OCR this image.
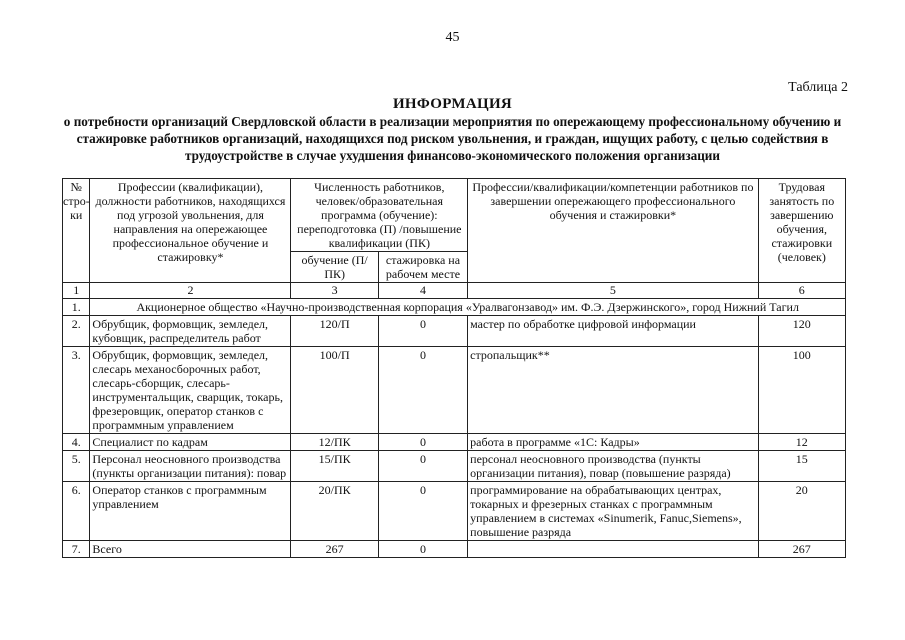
45
Таблица 2
ИНФОРМАЦИЯ
о потребности организаций Свердловской области в реализации мероприятия по опережающему профессиональному обучению и стажировке работников организаций, находящихся под риском увольнения, и граждан, ищущих работу, с целью содействия в трудоустройстве в случае ухудшения финансово-экономического положения организации
№ стро-ки	Профессии (квалификации), должности работников, находящихся под угрозой увольнения, для направления на опережающее профессиональное обучение и стажировку*	Численность работников, человек/образовательная программа (обучение): переподготовка (П) /повышение квалификации (ПК)		Профессии/квалификации/компетенции работников по завершении опережающего профессионального обучения и стажировки*	Трудовая занятость по завершению обучения, стажировки (человек)
		обучение (П/ПК)	стажировка на рабочем месте		
1	2	3	4	5	6
1.	Акционерное общество «Научно-производственная корпорация «Уралвагонзавод» им. Ф.Э. Дзержинского», город Нижний Тагил				
2.	Обрубщик, формовщик, земледел, кубовщик, распределитель работ	120/П	0	мастер по обработке цифровой информации	120
3.	Обрубщик, формовщик, земледел, слесарь механосборочных работ, слесарь-сборщик, слесарь-инструментальщик, сварщик, токарь, фрезеровщик, оператор станков с программным управлением	100/П	0	стропальщик**	100
4.	Специалист по кадрам	12/ПК	0	работа в программе «1С: Кадры»	12
5.	Персонал неосновного производства (пункты организации питания): повар	15/ПК	0	персонал неосновного производства (пункты организации питания), повар (повышение разряда)	15
6.	Оператор станков с программным управлением	20/ПК	0	программирование на обрабатывающих центрах, токарных и фрезерных станках с программным управлением в системах «Sinumerik, Fanuc,Siemens», повышение разряда	20
7.	Всего	267	0		267
